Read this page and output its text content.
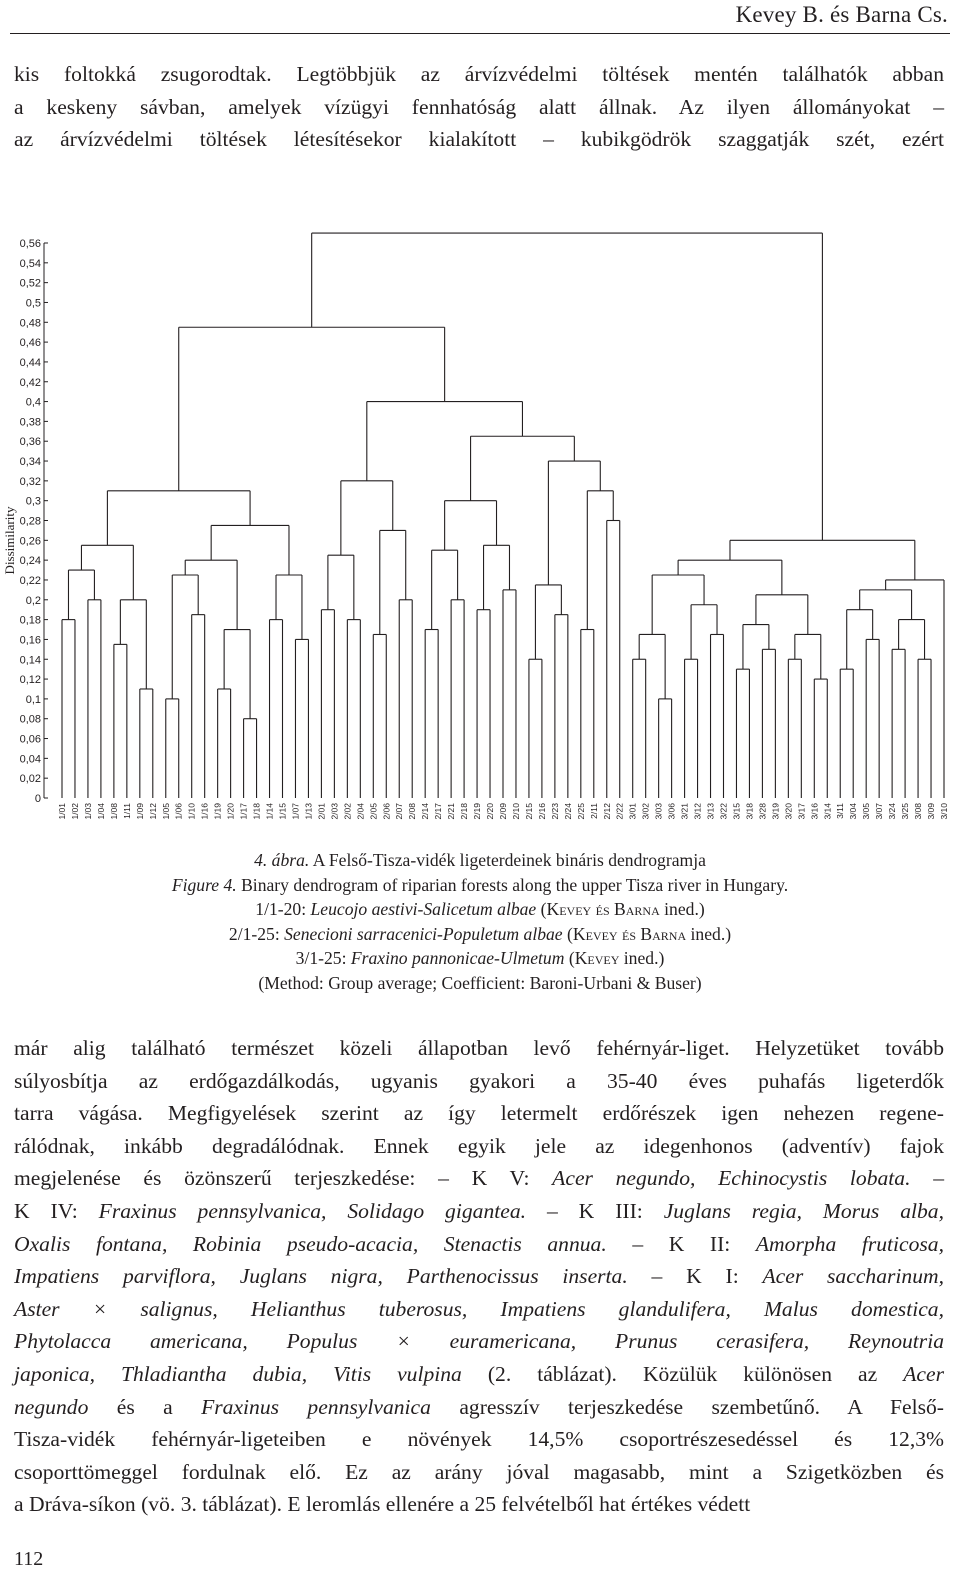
Kevey B. és Barna Cs.
kis foltokká zsugorodtak. Legtöbbjük az árvízvédelmi töltések mentén találhatók abban
a keskeny sávban, amelyek vízügyi fennhatóság alatt állnak. Az ilyen állományokat –
az árvízvédelmi töltések létesítésekor kialakított – kubikgödrök szaggatják szét, ezért
0,56
0,54
0,52
0,5
0,48
0,46
0,44
0,42
0,4
0,38
0,36
0,34
0,32
0,3
0,28
0,26
0,24
0,22
0,2
0,18
0,16
0,14
0,12
0,1
0,08
0,06
0,04
0,02
0
Dissimilarity
1/01 1/02 1/03 1/04 1/08 1/11 1/09 1/12 1/05 1/06 1/10 1/16 1/19 1/20 1/17 1/18 1/14 1/15 1/07 1/13 2/01 2/03 2/02 2/04 2/05 2/06 2/07 2/08 2/14 2/17 2/21 2/18 2/19 2/20 2/09 2/10 2/15 2/16 2/23 2/24 2/25 2/11 2/12 2/22 3/01 3/02 3/03 3/06 3/21 3/12 3/13 3/22 3/15 3/18 3/28 3/19 3/20 3/17 3/16 3/14 3/11 3/04 3/05 3/07 3/24 3/25 3/08 3/09 3/10
4. ábra. A Felső-Tisza-vidék ligeterdeinek bináris dendrogramja
Figure 4. Binary dendrogram of riparian forests along the upper Tisza river in Hungary.
1/1-20: Leucojo aestivi-Salicetum albae (Kevey és Barna ined.)
2/1-25: Senecioni sarracenici-Populetum albae (Kevey és Barna ined.)
3/1-25: Fraxino pannonicae-Ulmetum (Kevey ined.)
(Method: Group average; Coefficient: Baroni-Urbani & Buser)
már alig található természet közeli állapotban levő fehérnyár-liget. Helyzetüket tovább
súlyosbítja az erdőgazdálkodás, ugyanis gyakori a 35-40 éves puhafás ligeterdők
tarra vágása. Megfigyelések szerint az így letermelt erdőrészek igen nehezen regene-
rálódnak, inkább degradálódnak. Ennek egyik jele az idegenhonos (adventív) fajok
megjelenése és özönszerű terjeszkedése: – K V: Acer negundo, Echinocystis lobata. –
K IV: Fraxinus pennsylvanica, Solidago gigantea. – K III: Juglans regia, Morus alba,
Oxalis fontana, Robinia pseudo-acacia, Stenactis annua. – K II: Amorpha fruticosa,
Impatiens parviflora, Juglans nigra, Parthenocissus inserta. – K I: Acer saccharinum,
Aster × salignus, Helianthus tuberosus, Impatiens glandulifera, Malus domestica,
Phytolacca americana, Populus × euramericana, Prunus cerasifera, Reynoutria
japonica, Thladiantha dubia, Vitis vulpina (2. táblázat). Közülük különösen az Acer
negundo és a Fraxinus pennsylvanica agresszív terjeszkedése szembetűnő. A Felső-
Tisza-vidék fehérnyár-ligeteiben e növények 14,5% csoportrészesedéssel és 12,3%
csoporttömeggel fordulnak elő. Ez az arány jóval magasabb, mint a Szigetközben és
a Dráva-síkon (vö. 3. táblázat). E leromlás ellenére a 25 felvételből hat értékes védett
112
